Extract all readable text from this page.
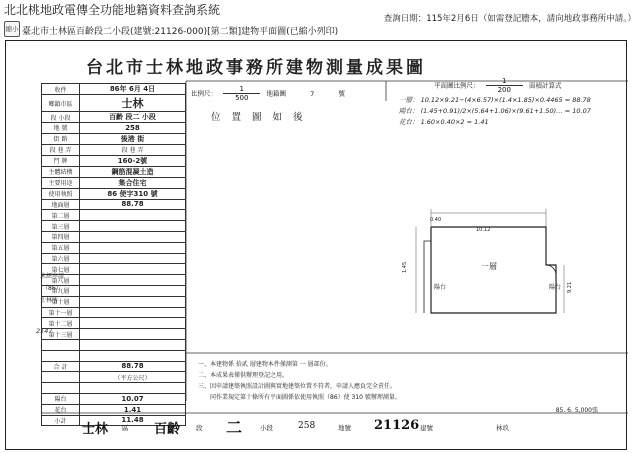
北北桃地政電傳全功能地籍資料查詢系統
查詢日期：115年2月6日（如需登記謄本，請向地政事務所申請。）
縮小 臺北市士林區百齡段二小段(建號:21126-000)[第二類]建物平面圖(已縮小列印)
台北市士林地政事務所建物測量成果圖
收件	86年 6月 4日
鄉鎮市區	士林
段 小段	百齡 段二 小段
地 號	258
街 路	後港 街
段 巷 弄	段 巷 弄
門 牌	160-2號
主體結構	鋼筋混凝土造
主要用途	集合住宅
使用執照	86 使字310 號
地面層	88.78
第二層	
第三層	
第四層	
第五層	
第六層	
第七層	
第八層	
第九層	
第十層	
第十一層	
第十二層	
第十三層	

合 計	88.78
　	（平方公尺）

陽台	10.07
花台	1.41
小計	11.48
未經申請
（86）
士林所
2147
比例尺： $\frac{1}{500}$ 地籍圖	7	號
平面圖比例尺： $\frac{1}{200}$ 面積計算式
位 置 圖 如 後
一層： 10.12×9.21−(4×6.57)×(1.4×1.85)×0.4465 = 88.78
陽台： (1.45+0.91)/2×(5.64+1.06)×(9.61+1.50)… = 10.07
花台： 1.60×0.40×2 = 1.41
0.40
10.12
一層
1.45
9.21
陽台	陽台
一、本建物係 拾貳 層建物本件僅測第 一 層部份。
二、本成果表僅供辦理登記之用。
三、因申請建築執照設計圖與實地建築位置不符者，申請人應負完全責任。
　　同作業規定第十條所有平面圖係依使用執照（86）使 310 號辦理測量。
85. 6. 5,000張
士林 區 百齡 段 二	小段	258	地號 21126 建號	林玖
